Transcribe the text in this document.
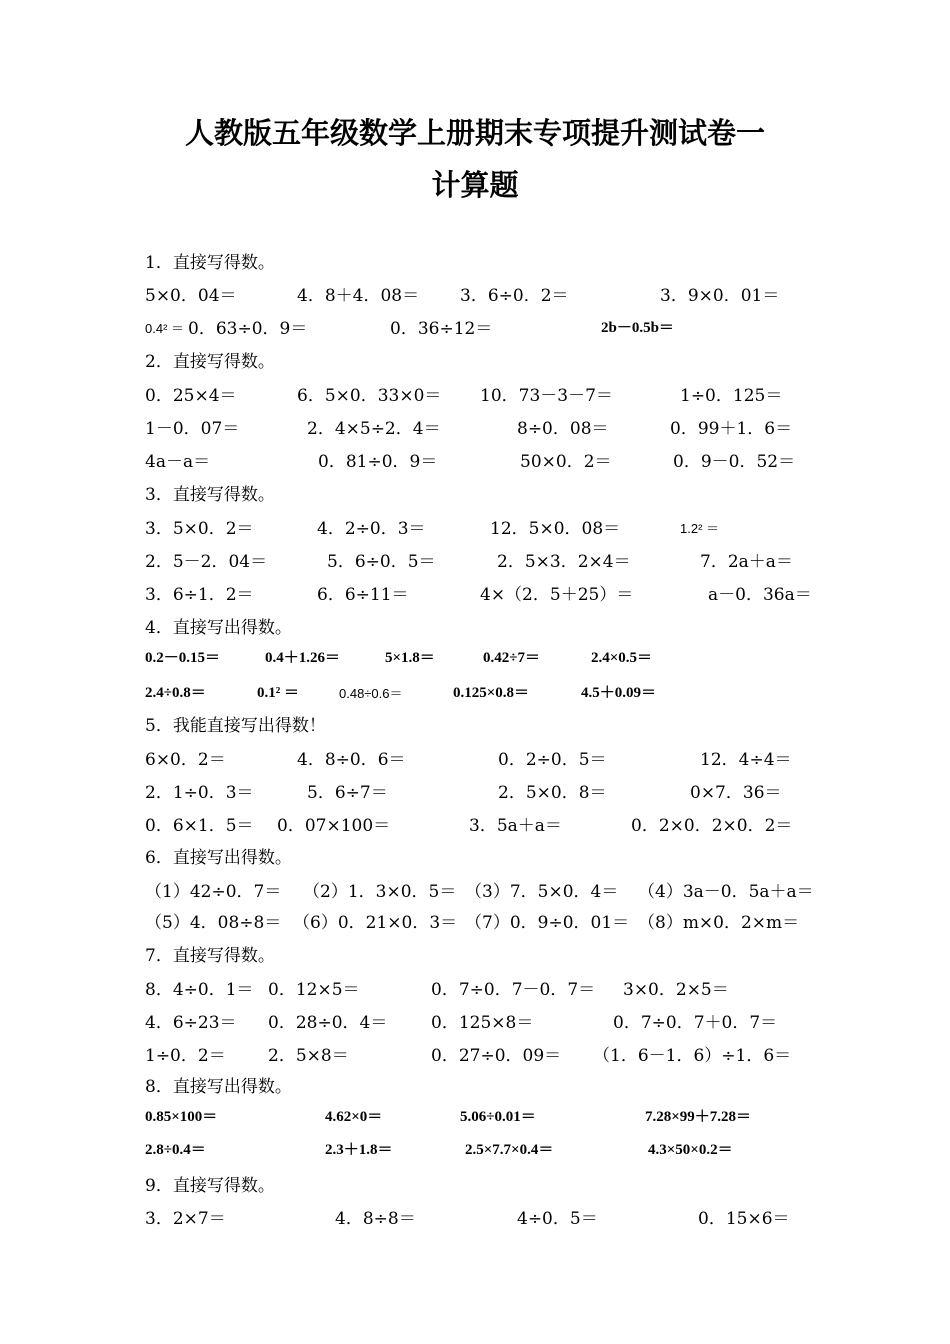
人教版五年级数学上册期末专项提升测试卷一
计算题
1．直接写得数。
5×0．04＝	4．8＋4．08＝ 3．6÷0．2＝	3．9×0．01＝
0.4² ＝ 0．63÷0．9＝	0．36÷12＝	2b－0.5b＝
2．直接写得数。
0．25×4＝	6．5×0．33×0＝ 10．73－3－7＝	1÷0．125＝
1－0．07＝	2．4×5÷2．4＝	8÷0．08＝	0．99＋1．6＝
4a－a＝	0．81÷0．9＝	50×0．2＝	0．9－0．52＝
3．直接写得数。
3．5×0．2＝	4．2÷0．3＝	12．5×0．08＝	1.2² ＝
2．5－2．04＝	5．6÷0．5＝	2．5×3．2×4＝	7．2a＋a＝
3．6÷1．2＝	6．6÷11＝	4×（2．5＋25）＝	a－0．36a＝
4．直接写出得数。
0.2－0.15＝	0.4＋1.26＝	5×1.8＝	0.42÷7＝	2.4×0.5＝
2.4÷0.8＝	0.1² ＝	0.48÷0.6＝	0.125×0.8＝	4.5＋0.09＝
5．我能直接写出得数！
6×0．2＝	4．8÷0．6＝	0．2÷0．5＝	12．4÷4＝
2．1÷0．3＝	5．6÷7＝	2．5×0．8＝	0×7．36＝
0．6×1．5＝ 0．07×100＝	3．5a＋a＝	0．2×0．2×0．2＝
6．直接写出得数。
（1）42÷0．7＝ （2）1．3×0．5＝ （3）7．5×0．4＝ （4）3a－0．5a＋a＝
（5）4．08÷8＝ （6）0．21×0．3＝ （7）0．9÷0．01＝ （8）m×0．2×m＝
7．直接写得数。
8．4÷0．1＝ 0．12×5＝	0．7÷0．7－0．7＝ 3×0．2×5＝
4．6÷23＝ 0．28÷0．4＝	0．125×8＝	0．7÷0．7＋0．7＝
1÷0．2＝ 2．5×8＝	0．27÷0．09＝ （1．6－1．6）÷1．6＝
8．直接写出得数。
0.85×100＝	4.62×0＝	5.06÷0.01＝	7.28×99＋7.28＝
2.8÷0.4＝	2.3＋1.8＝	2.5×7.7×0.4＝	4.3×50×0.2＝
9．直接写得数。
3．2×7＝	4．8÷8＝	4÷0．5＝	0．15×6＝
